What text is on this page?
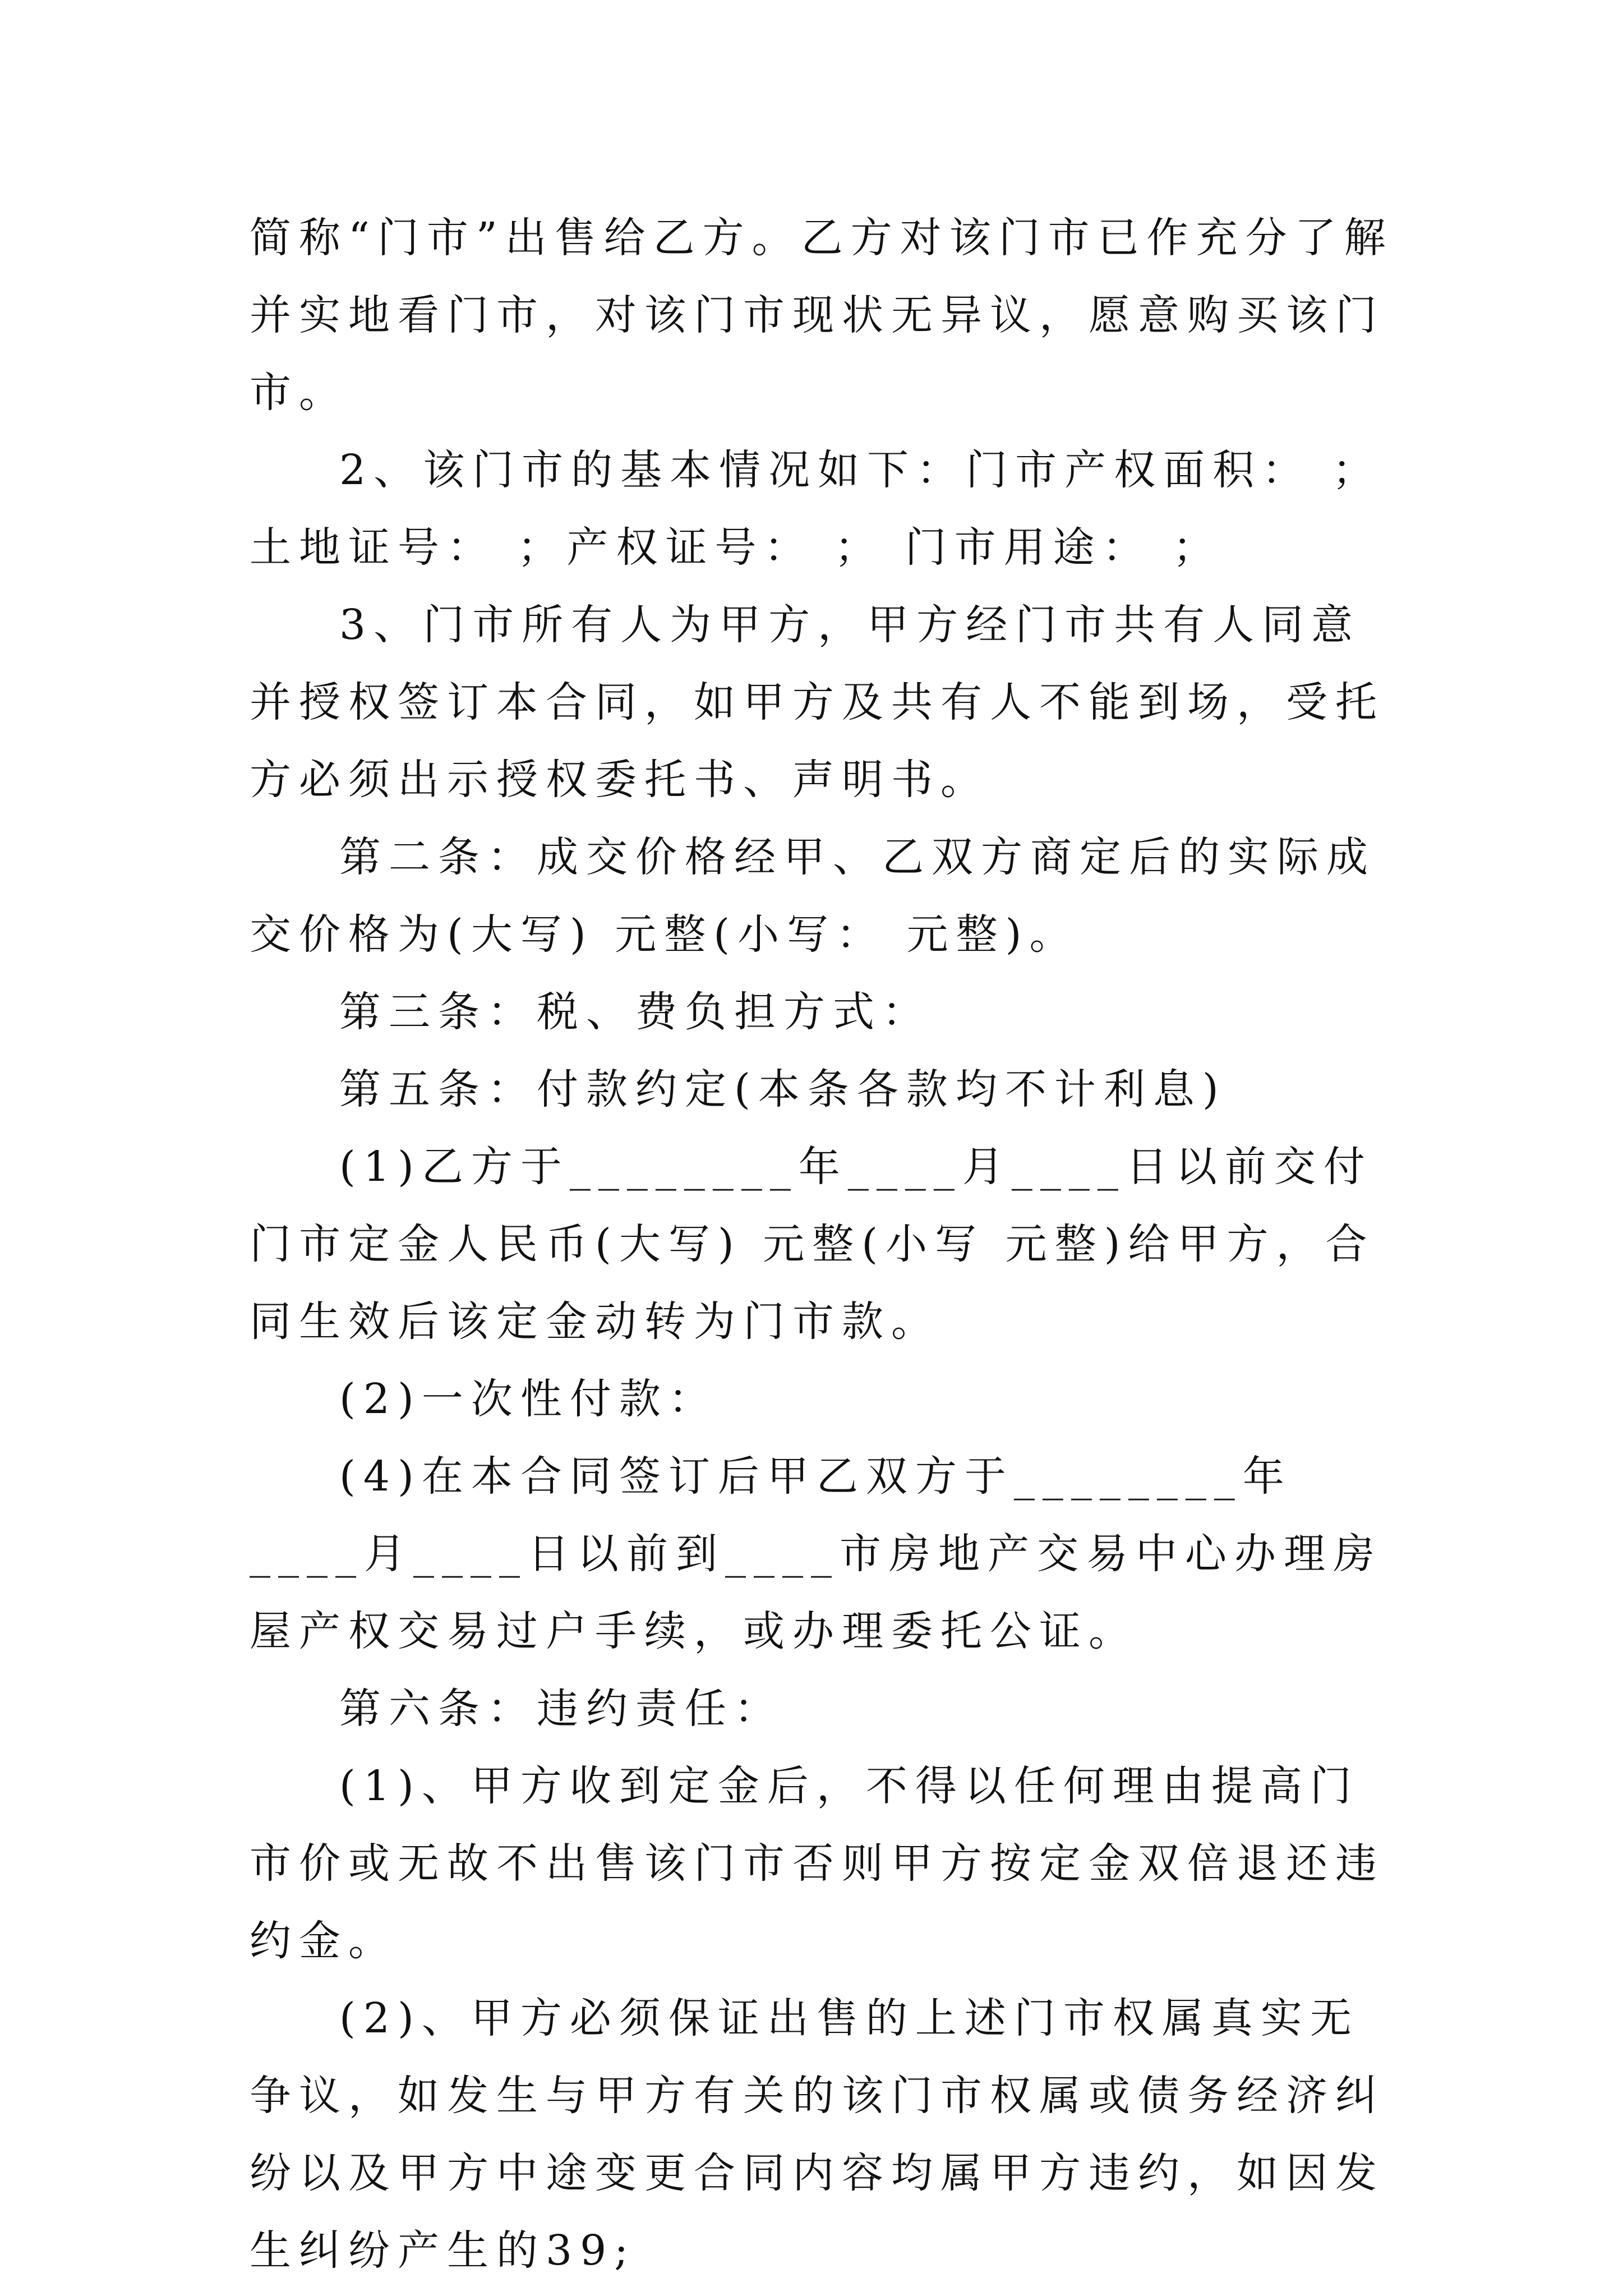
简称“门市”出售给乙方。乙方对该门市已作充分了解并实地看门市，对该门市现状无异议，愿意购买该门市。

2、该门市的基本情况如下：门市产权面积： ；土地证号： ；产权证号： ； 门市用途： ；

3、门市所有人为甲方，甲方经门市共有人同意并授权签订本合同，如甲方及共有人不能到场，受托方必须出示授权委托书、声明书。

第二条：成交价格经甲、乙双方商定后的实际成交价格为(大写) 元整(小写： 元整)。

第三条：税、费负担方式：

第五条：付款约定(本条各款均不计利息)

(1)乙方于________年____月____日以前交付门市定金人民币(大写) 元整(小写 元整)给甲方，合同生效后该定金动转为门市款。

(2)一次性付款：

(4)在本合同签订后甲乙双方于________年____月____日以前到____市房地产交易中心办理房屋产权交易过户手续，或办理委托公证。

第六条：违约责任：

(1)、甲方收到定金后，不得以任何理由提高门市价或无故不出售该门市否则甲方按定金双倍退还违约金。

(2)、甲方必须保证出售的上述门市权属真实无争议，如发生与甲方有关的该门市权属或债务经济纠纷以及甲方中途变更合同内容均属甲方违约，如因发生纠纷产生的39;
